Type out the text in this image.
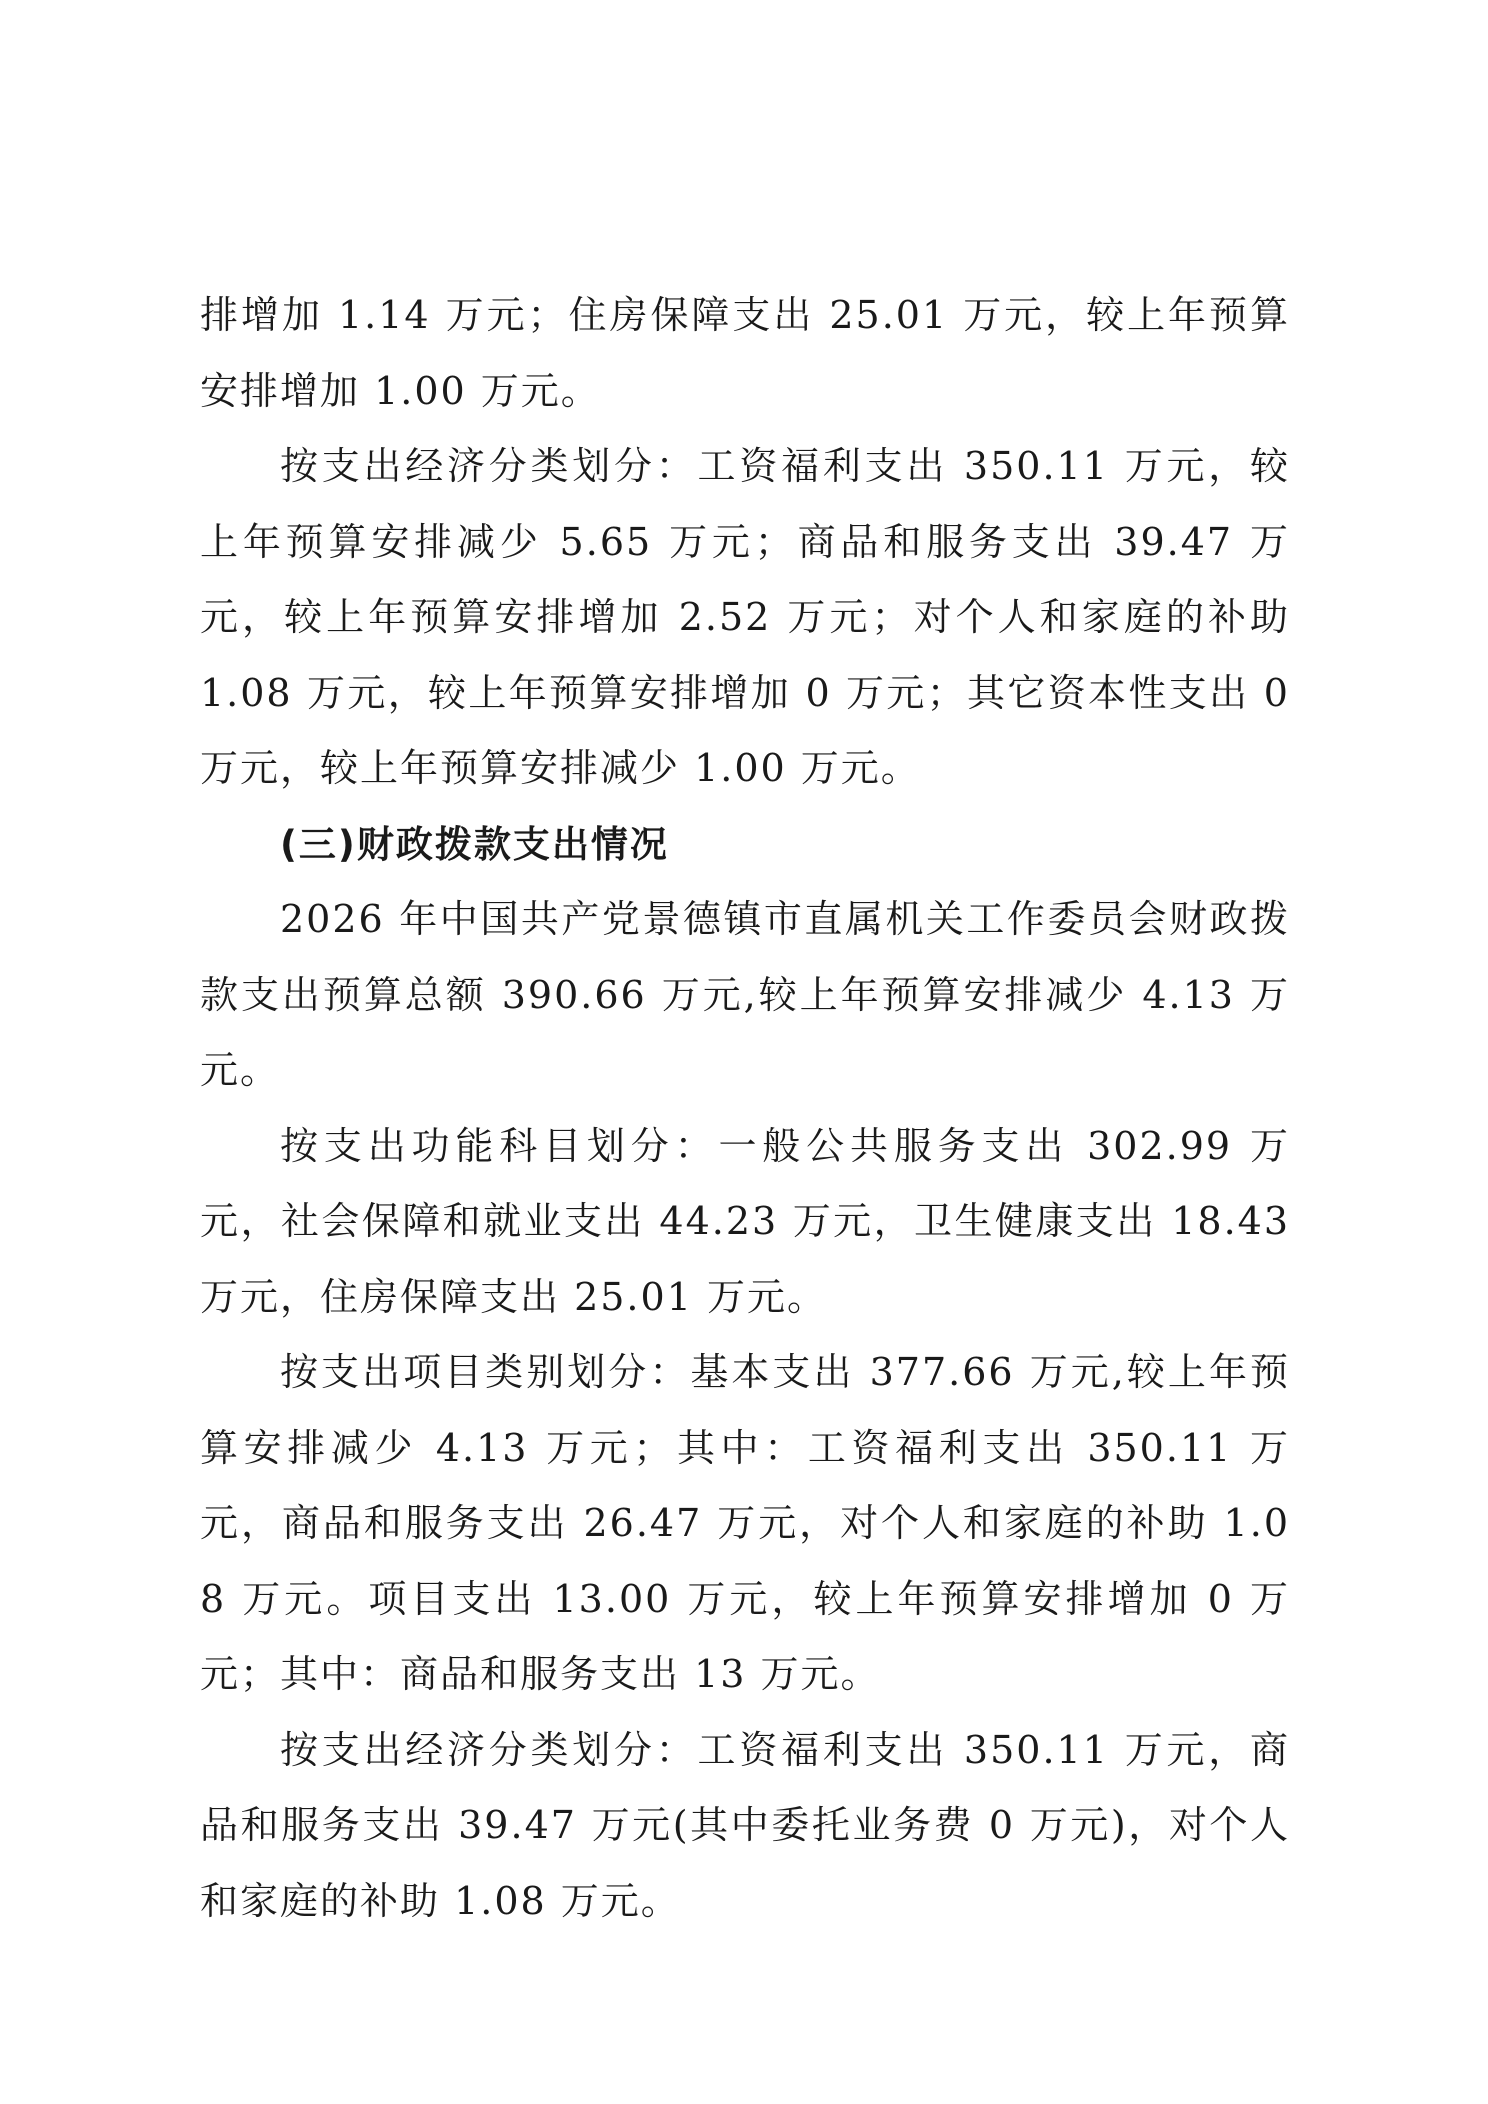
排增加 1.14 万元；住房保障支出 25.01 万元，较上年预算安排增加 1.00 万元。

按支出经济分类划分：工资福利支出 350.11 万元，较上年预算安排减少 5.65 万元；商品和服务支出 39.47 万元，较上年预算安排增加 2.52 万元；对个人和家庭的补助 1.08 万元，较上年预算安排增加 0 万元；其它资本性支出 0 万元，较上年预算安排减少 1.00 万元。

(三)财政拨款支出情况

2026 年中国共产党景德镇市直属机关工作委员会财政拨款支出预算总额 390.66 万元,较上年预算安排减少 4.13 万元。

按支出功能科目划分：一般公共服务支出 302.99 万元，社会保障和就业支出 44.23 万元，卫生健康支出 18.43 万元，住房保障支出 25.01 万元。

按支出项目类别划分：基本支出 377.66 万元,较上年预算安排减少 4.13 万元；其中：工资福利支出 350.11 万元，商品和服务支出 26.47 万元，对个人和家庭的补助 1.08 万元。项目支出 13.00 万元，较上年预算安排增加 0 万元；其中：商品和服务支出 13 万元。

按支出经济分类划分：工资福利支出 350.11 万元，商品和服务支出 39.47 万元(其中委托业务费 0 万元)，对个人和家庭的补助 1.08 万元。
